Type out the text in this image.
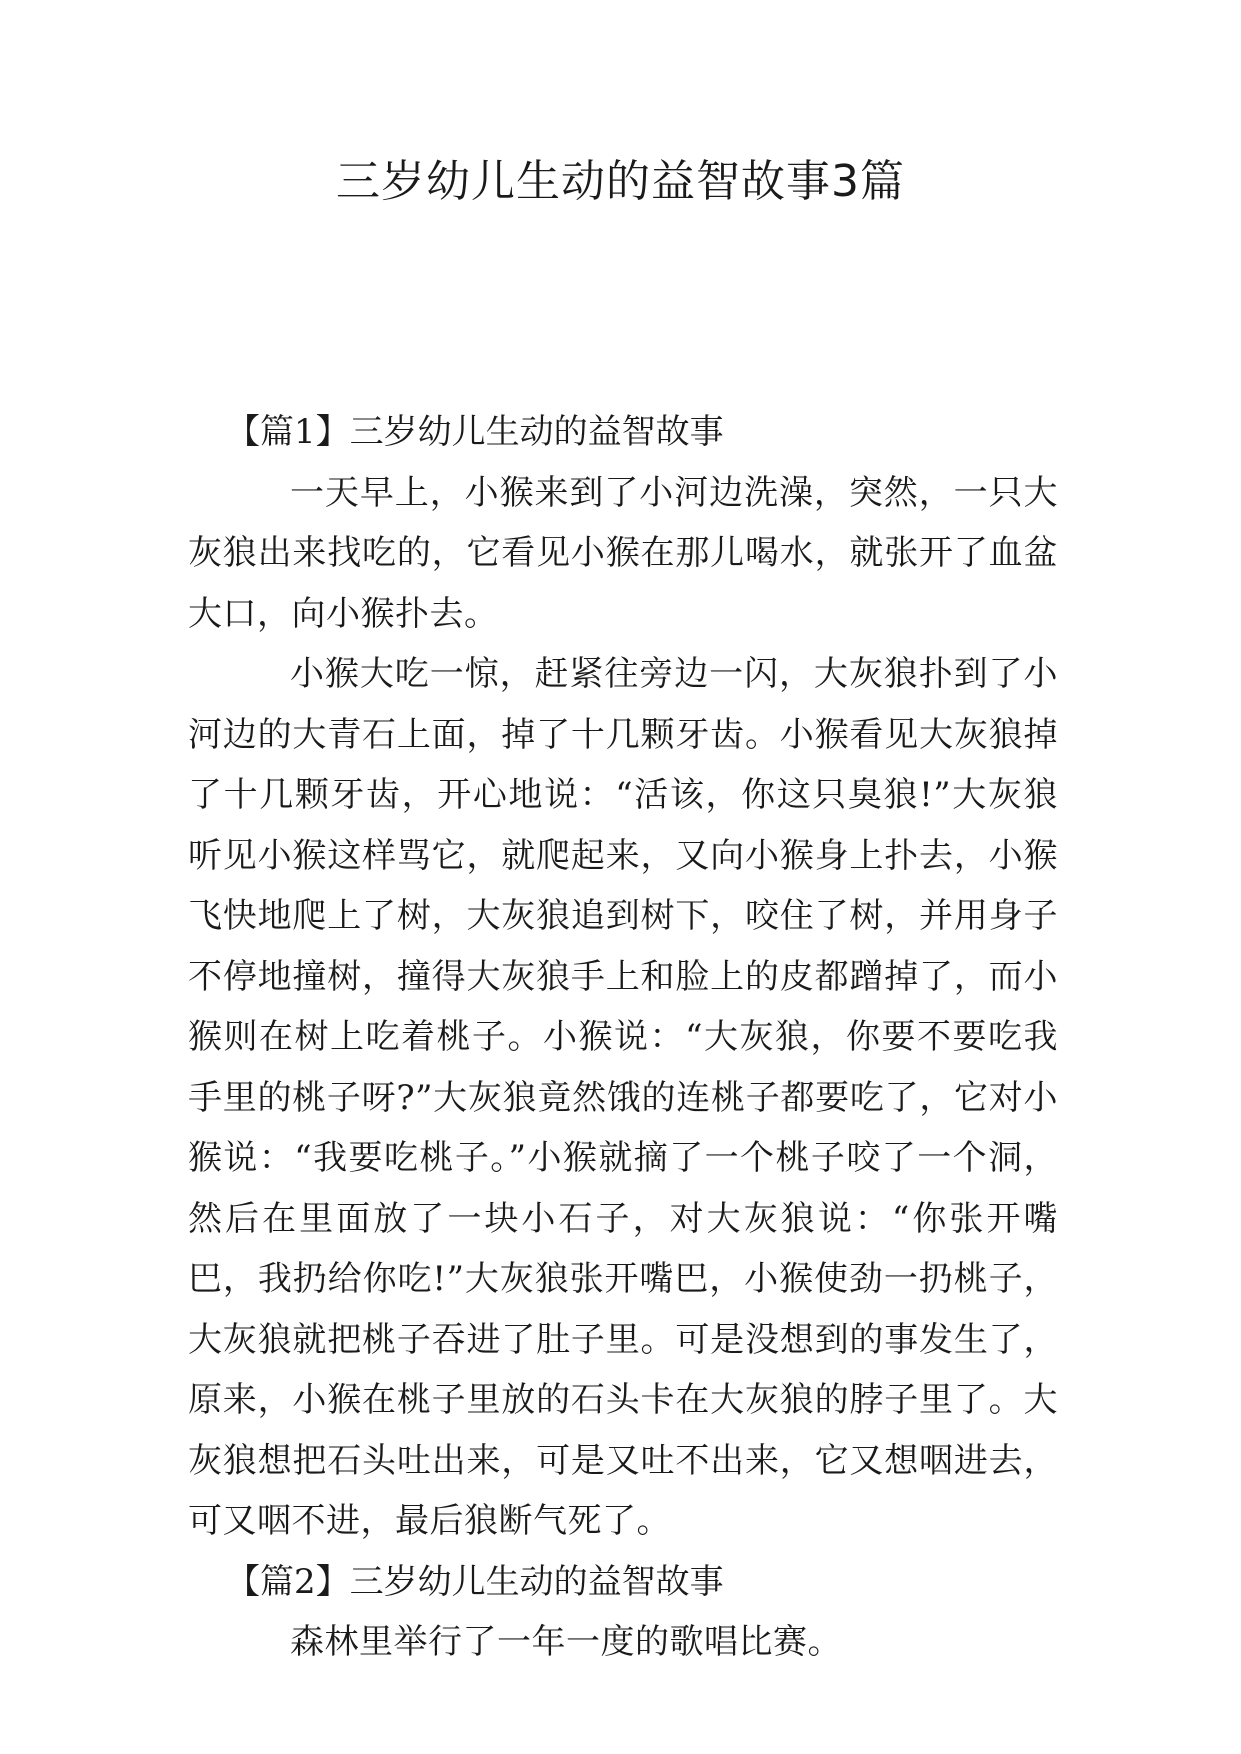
三岁幼儿生动的益智故事3篇
【篇1】三岁幼儿生动的益智故事

一天早上，小猴来到了小河边洗澡，突然，一只大灰狼出来找吃的，它看见小猴在那儿喝水，就张开了血盆大口，向小猴扑去。

小猴大吃一惊，赶紧往旁边一闪，大灰狼扑到了小河边的大青石上面，掉了十几颗牙齿。小猴看见大灰狼掉了十几颗牙齿，开心地说：“活该，你这只臭狼!”大灰狼听见小猴这样骂它，就爬起来，又向小猴身上扑去，小猴飞快地爬上了树，大灰狼追到树下，咬住了树，并用身子不停地撞树，撞得大灰狼手上和脸上的皮都蹭掉了，而小猴则在树上吃着桃子。小猴说：“大灰狼，你要不要吃我手里的桃子呀?”大灰狼竟然饿的连桃子都要吃了，它对小猴说：“我要吃桃子。”小猴就摘了一个桃子咬了一个洞，然后在里面放了一块小石子，对大灰狼说：“你张开嘴巴，我扔给你吃!”大灰狼张开嘴巴，小猴使劲一扔桃子，大灰狼就把桃子吞进了肚子里。可是没想到的事发生了，原来，小猴在桃子里放的石头卡在大灰狼的脖子里了。大灰狼想把石头吐出来，可是又吐不出来，它又想咽进去，可又咽不进，最后狼断气死了。

【篇2】三岁幼儿生动的益智故事

森林里举行了一年一度的歌唱比赛。
